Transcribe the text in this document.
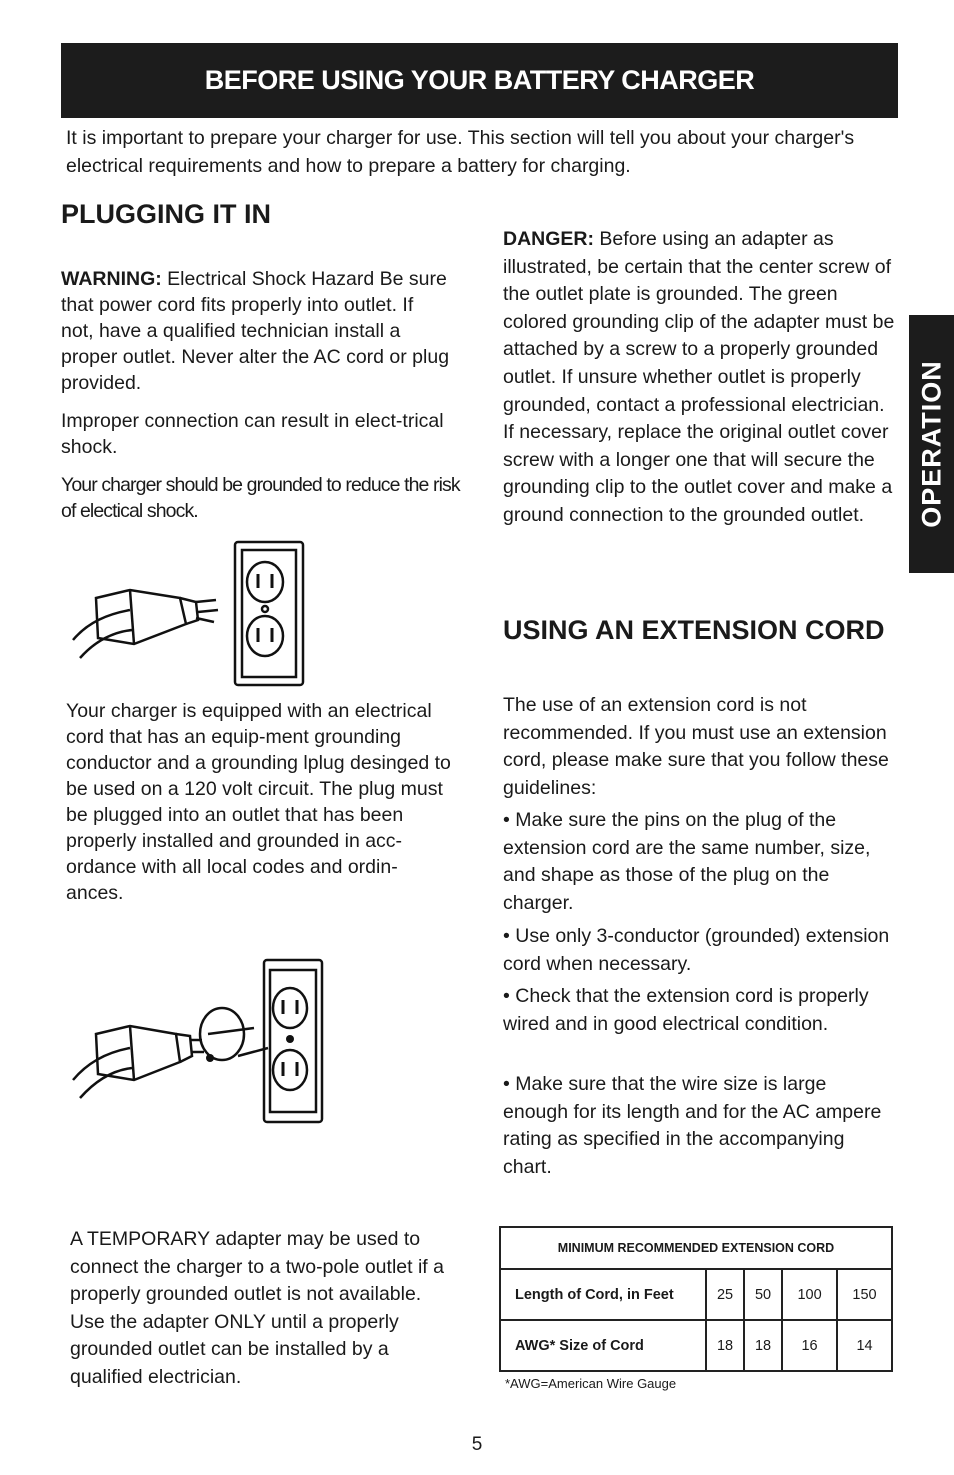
BEFORE USING YOUR BATTERY CHARGER
It is important to prepare your charger for use. This section will tell you about your charger's electrical requirements and how to prepare a battery for charging.
OPERATION
PLUGGING IT IN
WARNING: Electrical Shock Hazard Be sure that power cord fits properly into outlet. If not, have a qualified technician install a proper outlet. Never alter the AC cord or plug provided.
Improper connection can result in elect-trical shock.
Your charger should be grounded to reduce the risk of electical shock.
Your charger is equipped with an electrical cord that has an equip-ment grounding conductor and a grounding lplug desinged to be used on a 120 volt circuit. The plug must be plugged into an outlet that has been properly installed and grounded in acc-ordance with all local codes and ordin-ances.
A TEMPORARY adapter may be used to connect the charger to a two-pole outlet if a properly grounded outlet is not available. Use the adapter ONLY until a properly grounded outlet can be installed by a qualified electrician.
DANGER: Before using an adapter as illustrated, be certain that the center screw of the outlet plate is grounded. The green colored grounding clip of the adapter must be attached by a screw to a properly grounded outlet. If unsure whether outlet is properly grounded, contact a professional electrician. If necessary, replace the original outlet cover screw with a longer one that will secure the grounding clip to the outlet cover and make a ground connection to the grounded outlet.
USING AN EXTENSION CORD
The use of an extension cord is not recommended. If you must use an extension cord, please make sure that you follow these guidelines:
• Make sure the pins on the plug of the extension cord are the same number, size, and shape as those of the plug on the charger.
• Use only 3-conductor (grounded) extension cord when necessary.
• Check that the extension cord is properly wired and in good electrical condition.
• Make sure that the wire size is large enough for its length and for the AC ampere rating as specified in the accompanying chart.
MINIMUM RECOMMENDED EXTENSION CORD				
Length of Cord, in Feet	25	50	100	150
AWG* Size of Cord	18	18	16	14
*AWG=American Wire Gauge
5
